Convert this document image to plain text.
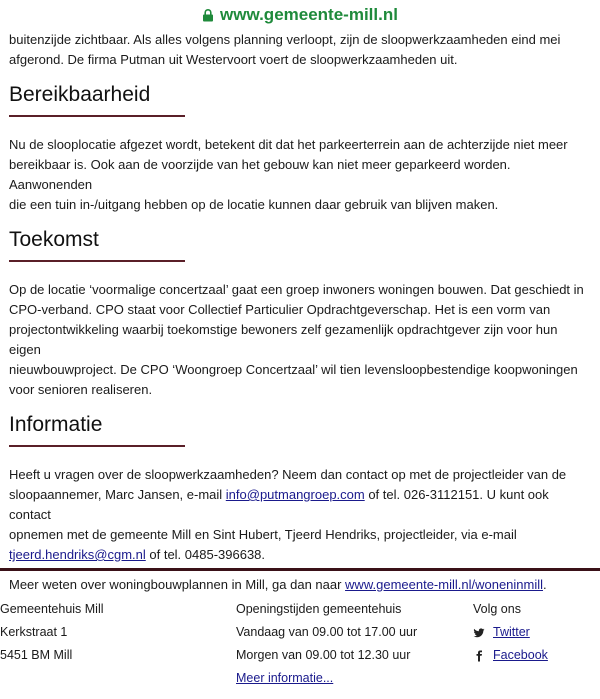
www.gemeente-mill.nl

buitenzijde zichtbaar. Als alles volgens planning verloopt, zijn de sloopwerkzaamheden eind mei
afgerond. De firma Putman uit Westervoort voert de sloopwerkzaamheden uit.

Bereikbaarheid

Nu de slooplocatie afgezet wordt, betekent dit dat het parkeerterrein aan de achterzijde niet meer
bereikbaar is. Ook aan de voorzijde van het gebouw kan niet meer geparkeerd worden. Aanwonenden
die een tuin in-/uitgang hebben op de locatie kunnen daar gebruik van blijven maken.

Toekomst

Op de locatie ‘voormalige concertzaal’ gaat een groep inwoners woningen bouwen. Dat geschiedt in
CPO-verband. CPO staat voor Collectief Particulier Opdrachtgeverschap. Het is een vorm van
projectontwikkeling waarbij toekomstige bewoners zelf gezamenlijk opdrachtgever zijn voor hun eigen
nieuwbouwproject. De CPO ‘Woongroep Concertzaal’ wil tien levensloopbestendige koopwoningen
voor senioren realiseren.

Informatie

Heeft u vragen over de sloopwerkzaamheden? Neem dan contact op met de projectleider van de
sloopaannemer, Marc Jansen, e-mail info@putmangroep.com of tel. 026-3112151. U kunt ook contact
opnemen met de gemeente Mill en Sint Hubert, Tjeerd Hendriks, projectleider, via e-mail
tjeerd.hendriks@cgm.nl of tel. 0485-396638.

Meer weten over woningbouwplannen in Mill, ga dan naar www.gemeente-mill.nl/woneninmill.

Gemeentehuis Mill
Kerkstraat 1
5451 BM Mill
Openingstijden gemeentehuis
Vandaag van 09.00 tot 17.00 uur
Morgen van 09.00 tot 12.30 uur
Meer informatie...
Volg ons
Twitter
Facebook
